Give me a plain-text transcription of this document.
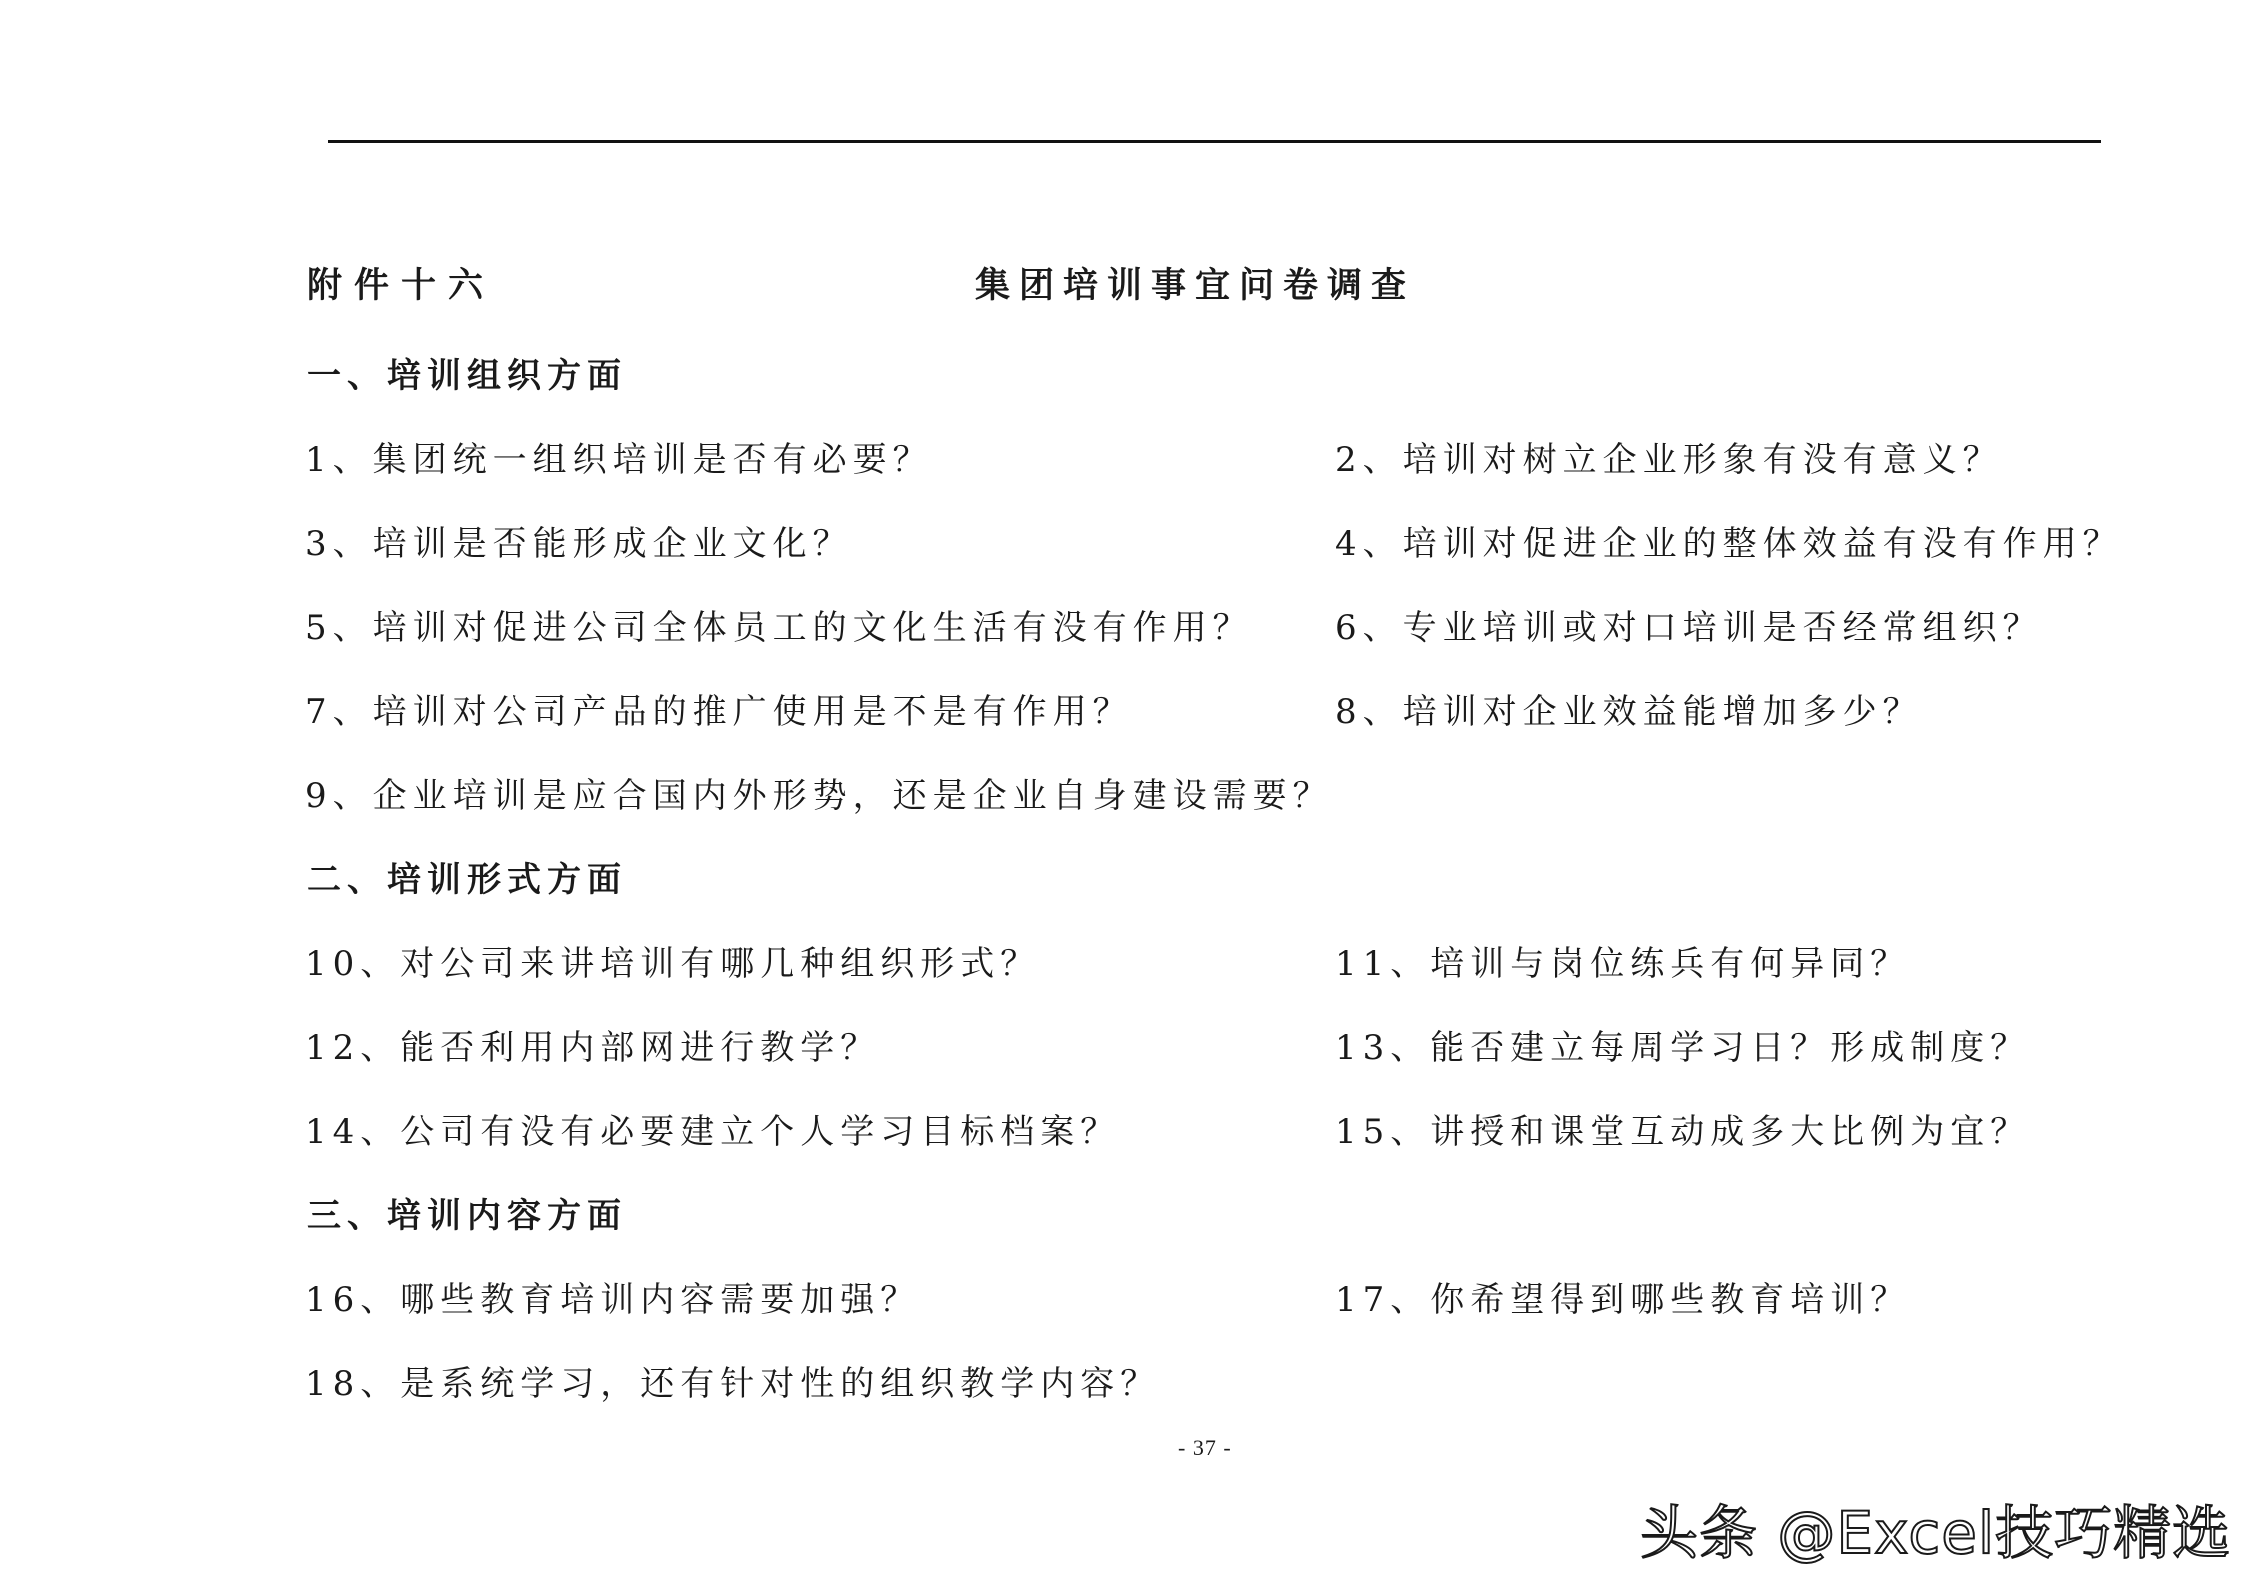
附件十六	集团培训事宜问卷调查
一、培训组织方面
1、集团统一组织培训是否有必要？	2、培训对树立企业形象有没有意义？
3、培训是否能形成企业文化？	4、培训对促进企业的整体效益有没有作用？
5、培训对促进公司全体员工的文化生活有没有作用？ 6、专业培训或对口培训是否经常组织？
7、培训对公司产品的推广使用是不是有作用？	8、培训对企业效益能增加多少？
9、企业培训是应合国内外形势，还是企业自身建设需要？
二、培训形式方面
10、对公司来讲培训有哪几种组织形式？	11、培训与岗位练兵有何异同？
12、能否利用内部网进行教学？	13、能否建立每周学习日？形成制度？
14、公司有没有必要建立个人学习目标档案？	15、讲授和课堂互动成多大比例为宜？
三、培训内容方面
16、哪些教育培训内容需要加强？	17、你希望得到哪些教育培训？
18、是系统学习，还有针对性的组织教学内容？
- 37 -
头条 @Excel技巧精选
